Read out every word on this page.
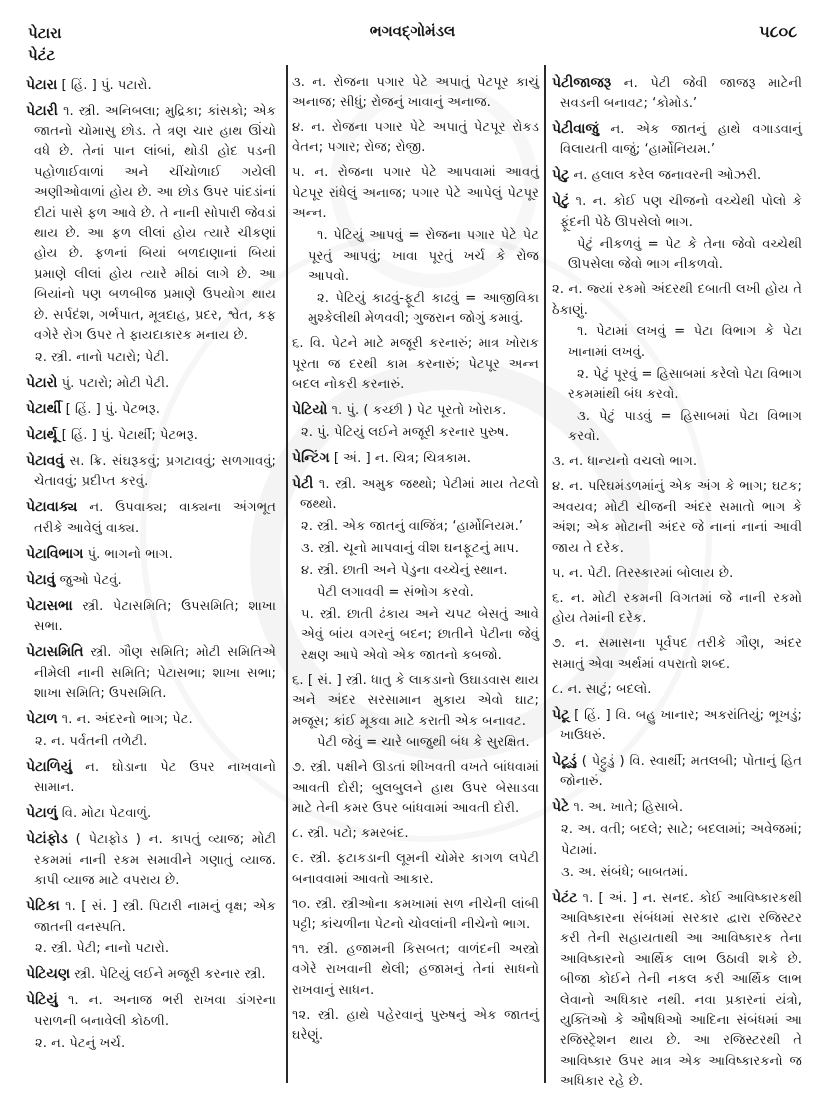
પેટારા
પેટંટ
ભગવદ્ગોમંડલ	૫૮૦૮

પેટારા [ હિં. ] પું. પટારો.

પેટારી ૧. સ્ત્રી. અનિબલા; મુદ્રિકા; કાંસકો; એક જાતનો ચોમાસુ છોડ. તે ત્રણ ચાર હાથ ઊંચો વધે છે. તેનાં પાન લાંબાં, થોડી હોદ પડની પહોળાઈવાળાં અને ચીંચોળાઈ ગયેલી અણીઓવાળાં હોય છે. આ છોડ ઉપર પાંદડાંનાં દીટાં પાસે ફળ આવે છે. તે નાની સોપારી જેવડાં થાય છે. આ ફળ લીલાં હોય ત્યારે ચીકણાં હોય છે. ફળનાં બિયાં બળદાણાનાં બિયાં પ્રમાણે લીલાં હોય ત્યારે મીઠાં લાગે છે. આ બિયાંનો પણ બળબીજ પ્રમાણે ઉપયોગ થાય છે. સર્પદંશ, ગર્ભપાત, મૂત્રદાહ, પ્રદર, શ્વેત, કફ વગેરે રોગ ઉપર તે ફાયદાકારક મનાય છે.

૨. સ્ત્રી. નાનો પટારો; પેટી.

પેટારો પું. પટારો; મોટી પેટી.

પેટાર્થી [ હિં. ] પું. પેટભરૂ.

પેટાર્થૂ [ હિં. ] પું. પેટાર્થી; પેટભરૂ.

પેટાવવું સ. ક્રિ. સંઘરૂકવું; પ્રગટાવવું; સળગાવવું; ચેતાવવું; પ્રદીપ્ત કરવું.

પેટાવાક્ય ન. ઉપવાક્ય; વાક્યના અંગભૂત તરીકે આવેલું વાક્ય.

પેટાવિભાગ પું. ભાગનો ભાગ.

પેટાવું જુઓ પેટવું.

પેટાસભા સ્ત્રી. પેટાસમિતિ; ઉપસમિતિ; શાખા સભા.

પેટાસમિતિ સ્ત્રી. ગૌણ સમિતિ; મોટી સમિતિએ નીમેલી નાની સમિતિ; પેટાસભા; શાખા સભા; શાખા સમિતિ; ઉપસમિતિ.

પેટાળ ૧. ન. અંદરનો ભાગ; પેટ.

૨. ન. પર્વતની તળેટી.

પેટાળિયું ન. ઘોડાના પેટ ઉપર નાખવાનો સામાન.

પેટાળું વિ. મોટા પેટવાળું.

પેટાંફોડ ( પેટાફોડ ) ન. કાપતું વ્યાજ; મોટી રકમમાં નાની રકમ સમાવીને ગણાતું વ્યાજ. કાપી વ્યાજ માટે વપરાય છે.

પેટિકા ૧. [ સં. ] સ્ત્રી. પિટારી નામનું વૃક્ષ; એક જાતની વનસ્પતિ.

૨. સ્ત્રી. પેટી; નાનો પટારો.

પેટિયણ સ્ત્રી. પેટિયું લઈને મજૂરી કરનાર સ્ત્રી.

પેટિયું ૧. ન. અનાજ ભરી રાખવા ડાંગરના પરાળની બનાવેલી કોઠળી.

૨. ન. પેટનું ખર્ચ.

૩. ન. રોજના પગાર પેટે અપાતું પેટપૂર કાચું અનાજ; સીધું; રોજનું ખાવાનું અનાજ.

૪. ન. રોજના પગાર પેટે અપાતું પેટપૂર રોકડ વેતન; પગાર; રોજ; રોજી.

૫. ન. રોજના પગાર પેટે આપવામાં આવતું પેટપૂર રાંધેલું અનાજ; પગાર પેટે આપેલું પેટપૂર અન્ન.

૧. પેટિયું આપવું = રોજના પગાર પેટે પેટ પૂરતું આપવું; ખાવા પૂરતું ખર્ચ કે રોજ આપવો.

૨. પેટિયું કાઢવું-ફૂટી કાઢવું = આજીવિકા મુશ્કેલીથી મેળવવી; ગુજરાન જોગું કમાવું.

૬. વિ. પેટને માટે મજૂરી કરનારું; માત્ર ખોરાક પૂરતા જ દરથી કામ કરનારું; પેટપૂર અન્ન બદલ નોકરી કરનારું.

પેટિયો ૧. પું. ( કચ્છી ) પેટ પૂરતો ખોરાક.

૨. પું. પેટિયું લઈને મજૂરી કરનાર પુરુષ.

પેન્ટિંગ [ અં. ] ન. ચિત્ર; ચિત્રકામ.

પેટી ૧. સ્ત્રી. અમુક જથ્થો; પેટીમાં માય તેટલો જથ્થો.

૨. સ્ત્રી. એક જાતનું વાજિંત્ર; ‘હાર્મોનિયમ.’

૩. સ્ત્રી. ચૂનો માપવાનું વીશ ઘનફૂટનું માપ.

૪. સ્ત્રી. છાતી અને પેડુના વચ્ચેનું સ્થાન.

પેટી લગાવવી = સંભોગ કરવો.

૫. સ્ત્રી. છાતી ઢંકાય અને ચપટ બેસતું આવે એવું બાંય વગરનું બદન; છાતીને પેટીના જેવું રક્ષણ આપે એવો એક જાતનો કબજો.

૬. [ સં. ] સ્ત્રી. ધાતુ કે લાકડાનો ઉઘાડવાસ થાય અને અંદર સરસામાન મુકાય એવો ઘાટ; મજૂસ; કાંઈ મૂકવા માટે કરાતી એક બનાવટ.

પેટી જેવું = ચારે બાજુથી બંધ કે સુરક્ષિત.

૭. સ્ત્રી. પક્ષીને ઊડતાં શીખવતી વખતે બાંધવામાં આવતી દોરી; બુલબુલને હાથ ઉપર બેસાડવા માટે તેની કમર ઉપર બાંધવામાં આવતી દોરી.

૮. સ્ત્રી. પટો; કમરબંદ.

૯. સ્ત્રી. ફટાકડાની લૂમની ચોમેર કાગળ લપેટી બનાવવામાં આવતો આકાર.

૧૦. સ્ત્રી. સ્ત્રીઓના કમખામાં સળ નીચેની લાંબી પટ્ટી; કાંચળીના પેટનો ચોવલાંની નીચેનો ભાગ.

૧૧. સ્ત્રી. હજામની કિસબત; વાળંદની અસ્ત્રો વગેરે રાખવાની થેલી; હજામનું તેનાં સાધનો રાખવાનું સાધન.

૧૨. સ્ત્રી. હાથે પહેરવાનું પુરુષનું એક જાતનું ઘરેણું.

પેટીજાજરૂ ન. પેટી જેવી જાજરૂ માટેની સવડની બનાવટ; ‘કોમોડ.’

પેટીવાજું ન. એક જાતનું હાથે વગાડવાનું વિલાયતી વાજું; ‘હાર્મોનિયમ.’

પેટુ ન. હલાલ કરેલ જનાવરની ઓઝરી.

પેટું ૧. ન. કોઈ પણ ચીજનો વચ્ચેથી પોલો કે ફૂંદની પેઠે ઊપસેલો ભાગ.

પેટું નીકળવું = પેટ કે તેના જેવો વચ્ચેથી ઊપસેલા જેવો ભાગ નીકળવો.

૨. ન. જ્યાં રકમો અંદરથી દબાતી લખી હોય તે ઠેકાણું.

૧. પેટામાં લખવું = પેટા વિભાગ કે પેટા ખાનામાં લખવું.

૨. પેટું પૂરવું = હિસાબમાં કરેલો પેટા વિભાગ રકમમાંથી બંધ કરવો.

૩. પેટું પાડવું = હિસાબમાં પેટા વિભાગ કરવો.

૩. ન. ધાન્યનો વચલો ભાગ.

૪. ન. પરિઘમંડળમાંનું એક અંગ કે ભાગ; ઘટક; અવયવ; મોટી ચીજની અંદર સમાતો ભાગ કે અંશ; એક મોટાની અંદર જે નાનાં નાનાં આવી જાય તે દરેક.

૫. ન. પેટી. તિરસ્કારમાં બોલાય છે.

૬. ન. મોટી રકમની વિગતમાં જે નાની રકમો હોય તેમાંની દરેક.

૭. ન. સમાસના પૂર્વપદ તરીકે ગૌણ, અંદર સમાતું એવા અર્થમાં વપરાતો શબ્દ.

૮. ન. સાટું; બદલો.

પેટૂ [ હિં. ] વિ. બહુ ખાનાર; અકરાંતિયું; ભૂખડું; ખાઉધરું.

પેટૂડું ( પેટ્ટુડું ) વિ. સ્વાર્થી; મતલબી; પોતાનું હિત જોનારું.

પેટે ૧. અ. ખાતે; હિસાબે.

૨. અ. વતી; બદલે; સાટે; બદલામાં; અવેજમાં; પેટામાં.

૩. અ. સંબંધે; બાબતમાં.

પેટંટ ૧. [ અં. ] ન. સનદ. કોઈ આવિષ્કારકથી આવિષ્કારના સંબંધમાં સરકાર દ્વારા રજિસ્ટર કરી તેની સહાયતાથી આ આવિષ્કારક તેના આવિષ્કારનો આર્થિક લાભ ઉઠાવી શકે છે. બીજા કોઈને તેની નકલ કરી આર્થિક લાભ લેવાનો અધિકાર નથી. નવા પ્રકારનાં યંત્રો, યુક્તિઓ કે ઔષધિઓ આદિના સંબંધમાં આ રજિસ્ટ્રેશન થાય છે. આ રજિસ્ટરથી તે આવિષ્કાર ઉપર માત્ર એક આવિષ્કારકનો જ અધિકાર રહે છે.
